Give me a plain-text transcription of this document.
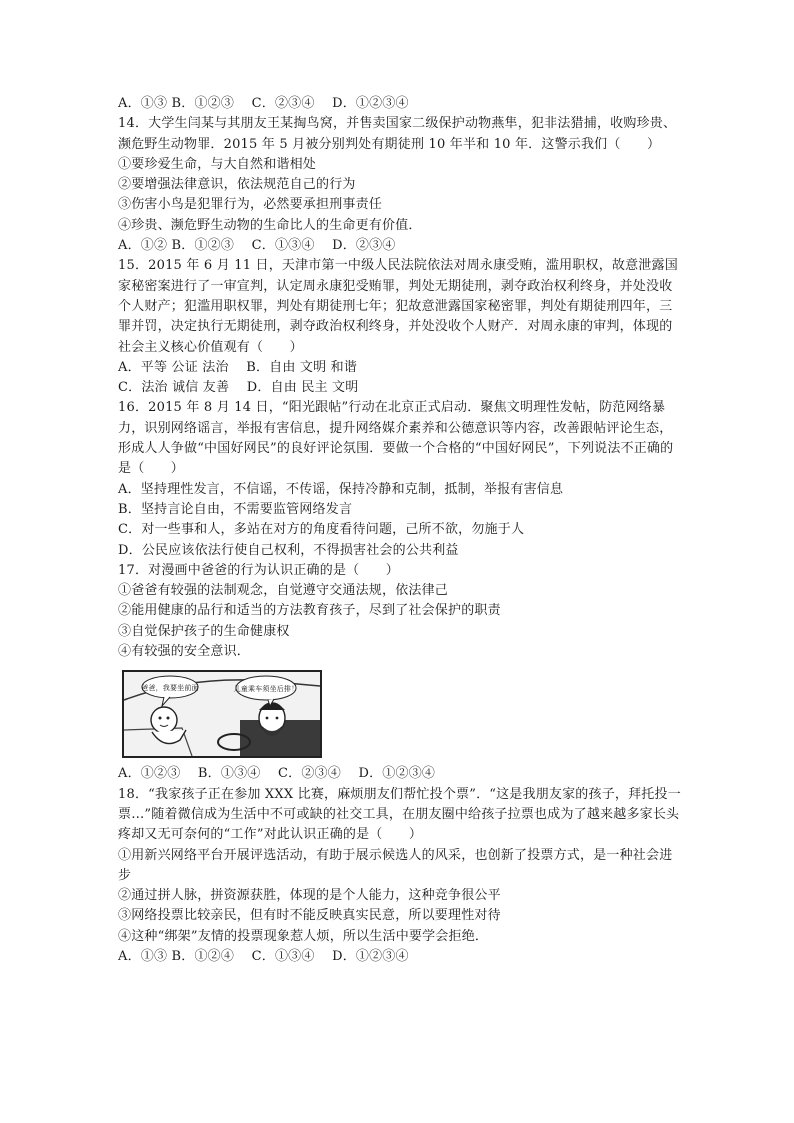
A．①③ B．①②③　 C．②③④　 D．①②③④
14．大学生闫某与其朋友王某掏鸟窝，并售卖国家二级保护动物燕隼，犯非法猎捕，收购珍贵、濒危野生动物罪．2015 年 5 月被分别判处有期徒刑 10 年半和 10 年．这警示我们（　　）
①要珍爱生命，与大自然和谐相处
②要增强法律意识，依法规范自己的行为
③伤害小鸟是犯罪行为，必然要承担刑事责任
④珍贵、濒危野生动物的生命比人的生命更有价值．
A．①② B．①②③　 C．①③④　 D．②③④
15．2015 年 6 月 11 日，天津市第一中级人民法院依法对周永康受贿，滥用职权，故意泄露国家秘密案进行了一审宣判，认定周永康犯受贿罪，判处无期徒刑，剥夺政治权利终身，并处没收个人财产；犯滥用职权罪，判处有期徒刑七年；犯故意泄露国家秘密罪，判处有期徒刑四年，三罪并罚，决定执行无期徒刑，剥夺政治权利终身，并处没收个人财产．对周永康的审判，体现的社会主义核心价值观有（　　）
A．平等 公证 法治　 B．自由 文明 和谐
C．法治 诚信 友善　 D．自由 民主 文明
16．2015 年 8 月 14 日，“阳光跟帖”行动在北京正式启动．聚焦文明理性发帖，防范网络暴力，识别网络谣言，举报有害信息，提升网络媒介素养和公德意识等内容，改善跟帖评论生态，形成人人争做“中国好网民”的良好评论氛围．要做一个合格的“中国好网民”，下列说法不正确的是（　　）
A．坚持理性发言，不信谣，不传谣，保持冷静和克制，抵制，举报有害信息
B．坚持言论自由，不需要监管网络发言
C．对一些事和人，多站在对方的角度看待问题，己所不欲，勿施于人
D．公民应该依法行使自己权利，不得损害社会的公共利益
17．对漫画中爸爸的行为认识正确的是（　　）
①爸爸有较强的法制观念，自觉遵守交通法规，依法律己
②能用健康的品行和适当的方法教育孩子，尽到了社会保护的职责
③自觉保护孩子的生命健康权
④有较强的安全意识．
爸爸，我要坐前面	儿童乘车须坐后排！
A．①②③　 B．①③④　 C．②③④　 D．①②③④
18．“我家孩子正在参加 XXX 比赛，麻烦朋友们帮忙投个票”．“这是我朋友家的孩子，拜托投一票…”随着微信成为生活中不可或缺的社交工具，在朋友圈中给孩子拉票也成为了越来越多家长头疼却又无可奈何的“工作”对此认识正确的是（　　）
①用新兴网络平台开展评选活动，有助于展示候选人的风采，也创新了投票方式，是一种社会进步
②通过拼人脉，拼资源获胜，体现的是个人能力，这种竞争很公平
③网络投票比较亲民，但有时不能反映真实民意，所以要理性对待
④这种“绑架”友情的投票现象惹人烦，所以生活中要学会拒绝．
A．①③ B．①②④　 C．①③④　 D．①②③④
